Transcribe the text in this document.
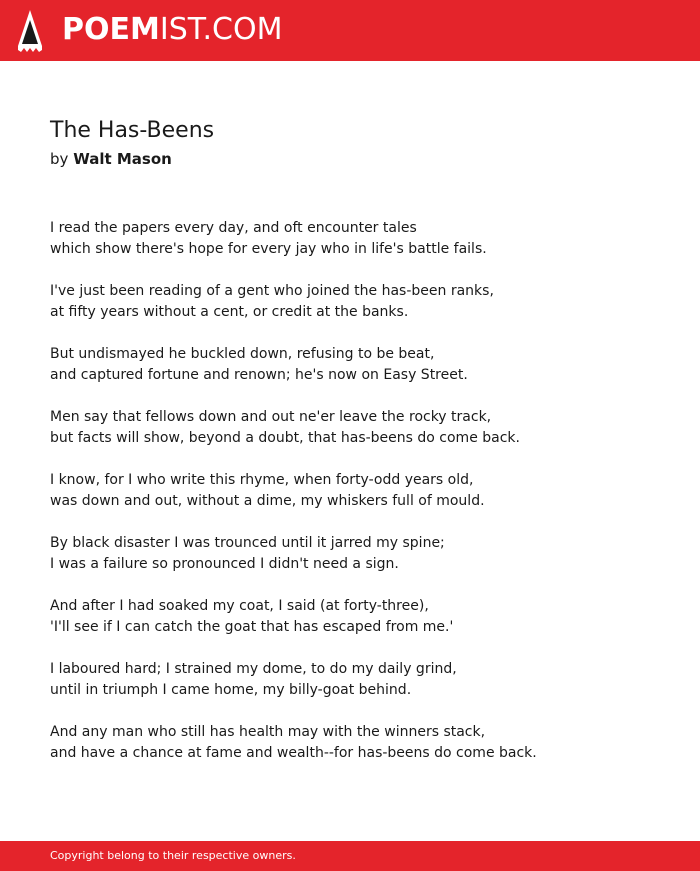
POEMIST.COM
The Has-Beens
by Walt Mason
I read the papers every day, and oft encounter tales
which show there's hope for every jay who in life's battle fails.
I've just been reading of a gent who joined the has-been ranks,
at fifty years without a cent, or credit at the banks.
But undismayed he buckled down, refusing to be beat,
and captured fortune and renown; he's now on Easy Street.
Men say that fellows down and out ne'er leave the rocky track,
but facts will show, beyond a doubt, that has-beens do come back.
I know, for I who write this rhyme, when forty-odd years old,
was down and out, without a dime, my whiskers full of mould.
By black disaster I was trounced until it jarred my spine;
I was a failure so pronounced I didn't need a sign.
And after I had soaked my coat, I said (at forty-three),
'I'll see if I can catch the goat that has escaped from me.'
I laboured hard; I strained my dome, to do my daily grind,
until in triumph I came home, my billy-goat behind.
And any man who still has health may with the winners stack,
and have a chance at fame and wealth--for has-beens do come back.
Copyright belong to their respective owners.
